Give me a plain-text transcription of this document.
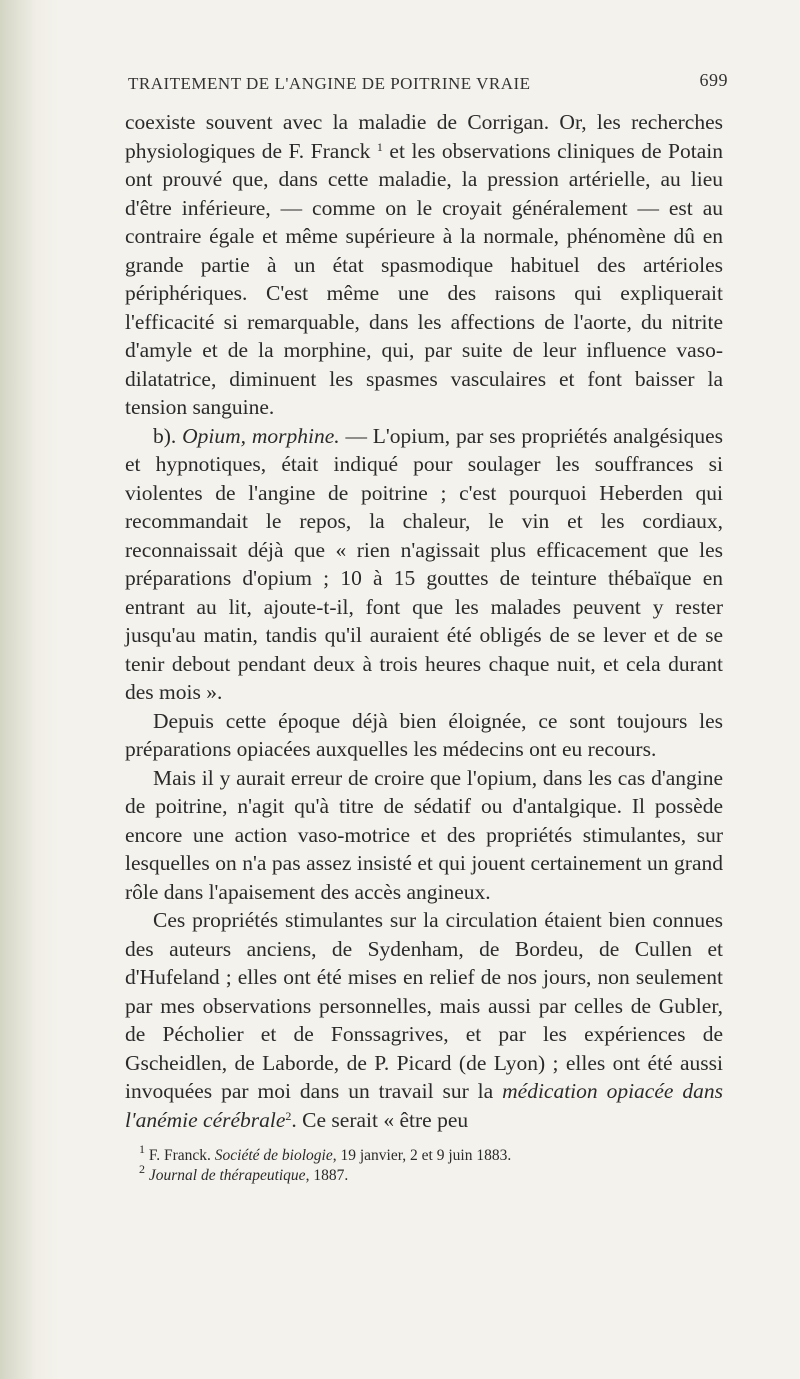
TRAITEMENT DE L'ANGINE DE POITRINE VRAIE	699

coexiste souvent avec la maladie de Corrigan. Or, les recherches physiologiques de F. Franck $^1$ et les observations cliniques de Potain ont prouvé que, dans cette maladie, la pression artérielle, au lieu d'être inférieure, — comme on le croyait généralement — est au contraire égale et même supérieure à la normale, phénomène dû en grande partie à un état spasmodique habituel des artérioles périphériques. C'est même une des raisons qui expliquerait l'efficacité si remarquable, dans les affections de l'aorte, du nitrite d'amyle et de la morphine, qui, par suite de leur influence vaso-dilatatrice, diminuent les spasmes vasculaires et font baisser la tension sanguine.

b). Opium, morphine. — L'opium, par ses propriétés analgésiques et hypnotiques, était indiqué pour soulager les souffrances si violentes de l'angine de poitrine ; c'est pourquoi Heberden qui recommandait le repos, la chaleur, le vin et les cordiaux, reconnaissait déjà que « rien n'agissait plus efficacement que les préparations d'opium ; 10 à 15 gouttes de teinture thébaïque en entrant au lit, ajoute-t-il, font que les malades peuvent y rester jusqu'au matin, tandis qu'il auraient été obligés de se lever et de se tenir debout pendant deux à trois heures chaque nuit, et cela durant des mois ».

Depuis cette époque déjà bien éloignée, ce sont toujours les préparations opiacées auxquelles les médecins ont eu recours.

Mais il y aurait erreur de croire que l'opium, dans les cas d'angine de poitrine, n'agit qu'à titre de sédatif ou d'antalgique. Il possède encore une action vaso-motrice et des propriétés stimulantes, sur lesquelles on n'a pas assez insisté et qui jouent certainement un grand rôle dans l'apaisement des accès angineux.

Ces propriétés stimulantes sur la circulation étaient bien connues des auteurs anciens, de Sydenham, de Bordeu, de Cullen et d'Hufeland ; elles ont été mises en relief de nos jours, non seulement par mes observations personnelles, mais aussi par celles de Gubler, de Pécholier et de Fonssagrives, et par les expériences de Gscheidlen, de Laborde, de P. Picard (de Lyon) ; elles ont été aussi invoquées par moi dans un travail sur la médication opiacée dans l'anémie cérébrale$^2$. Ce serait « être peu

$^1$ F. Franck. Société de biologie, 19 janvier, 2 et 9 juin 1883.

$^2$ Journal de thérapeutique, 1887.
